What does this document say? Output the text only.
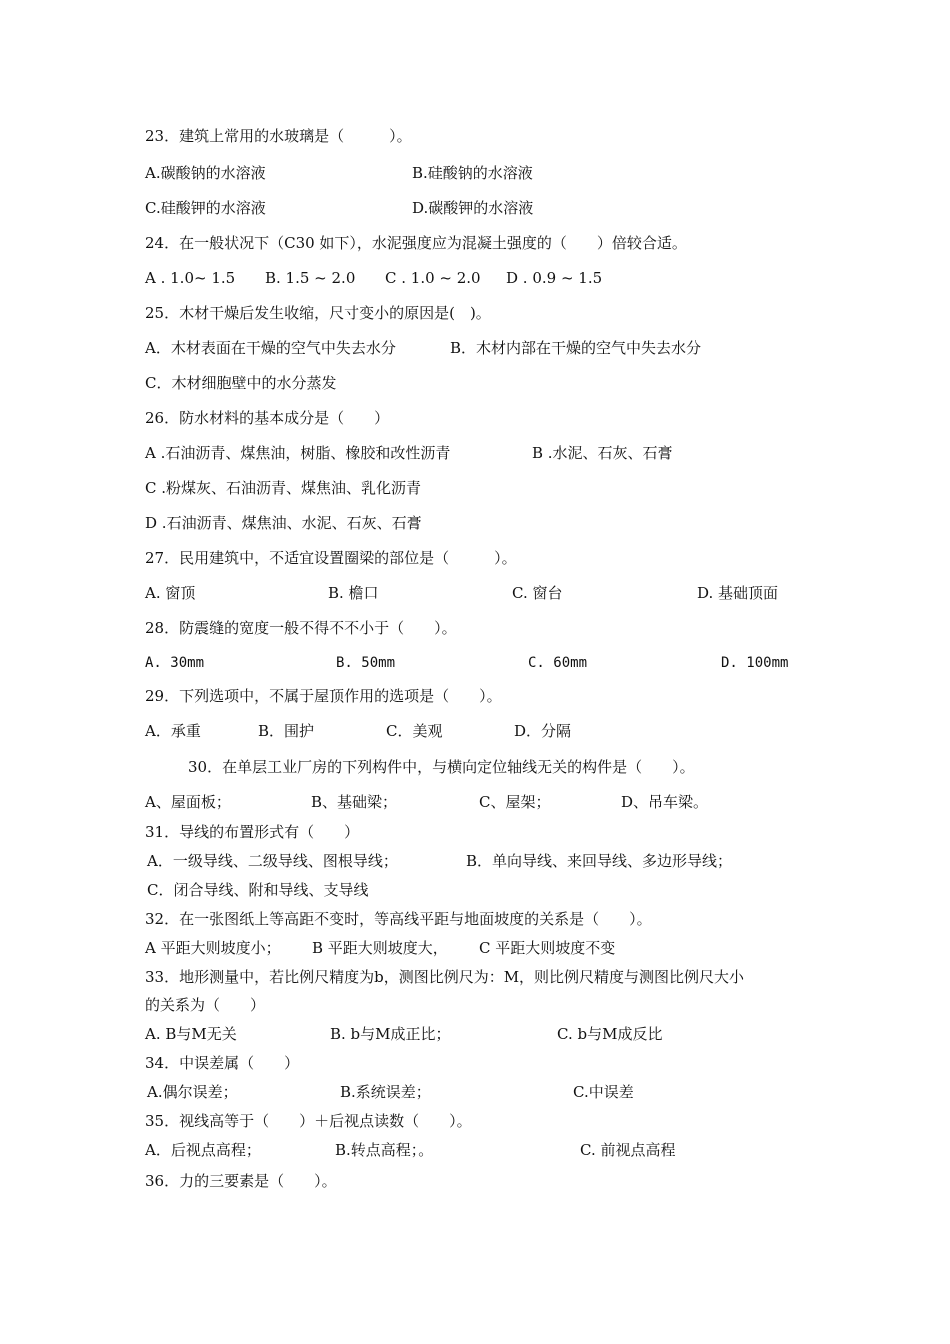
23．建筑上常用的水玻璃是（　　　）。
A.碳酸钠的水溶液	B.硅酸钠的水溶液
C.硅酸钾的水溶液	D.碳酸钾的水溶液
24．在一般状况下（C30 如下），水泥强度应为混凝土强度的（　　）倍较合适。
A . 1.0~ 1.5 B. 1.5 ~ 2.0 C . 1.0 ~ 2.0 D . 0.9 ~ 1.5
25．木材干燥后发生收缩，尺寸变小的原因是(　)。
A．木材表面在干燥的空气中失去水分	B．木材内部在干燥的空气中失去水分
C．木材细胞壁中的水分蒸发
26．防水材料的基本成分是（　　）
A .石油沥青、煤焦油，树脂、橡胶和改性沥青	B .水泥、石灰、石膏
C .粉煤灰、石油沥青、煤焦油、乳化沥青
D .石油沥青、煤焦油、水泥、石灰、石膏
27．民用建筑中，不适宜设置圈梁的部位是（　　　）。
A. 窗顶	B. 檐口	C. 窗台	D. 基础顶面
28．防震缝的宽度一般不得不不小于（　　）。
A. 30mm	B. 50mm	C. 60mm	D. 100mm
29．下列选项中，不属于屋顶作用的选项是（　　）。
A．承重	B．围护	C．美观	D．分隔
30．在单层工业厂房的下列构件中，与横向定位轴线无关的构件是（　　）。
A、屋面板；	B、基础梁；	C、屋架；	D、吊车梁。
31．导线的布置形式有（　　）
A．一级导线、二级导线、图根导线；	B．单向导线、来回导线、多边形导线；
C．闭合导线、附和导线、支导线
32．在一张图纸上等高距不变时，等高线平距与地面坡度的关系是（　　）。
A 平距大则坡度小； B 平距大则坡度大， C 平距大则坡度不变
33．地形测量中，若比例尺精度为b，测图比例尺为：M，则比例尺精度与测图比例尺大小
的关系为（　　）
A. B与M无关	B. b与M成正比；	C. b与M成反比
34．中误差属（　　）
A.偶尔误差；	B.系统误差；	C.中误差
35．视线高等于（　　）＋后视点读数（　　）。
A．后视点高程；	B.转点高程；。	C. 前视点高程
36．力的三要素是（　　）。
